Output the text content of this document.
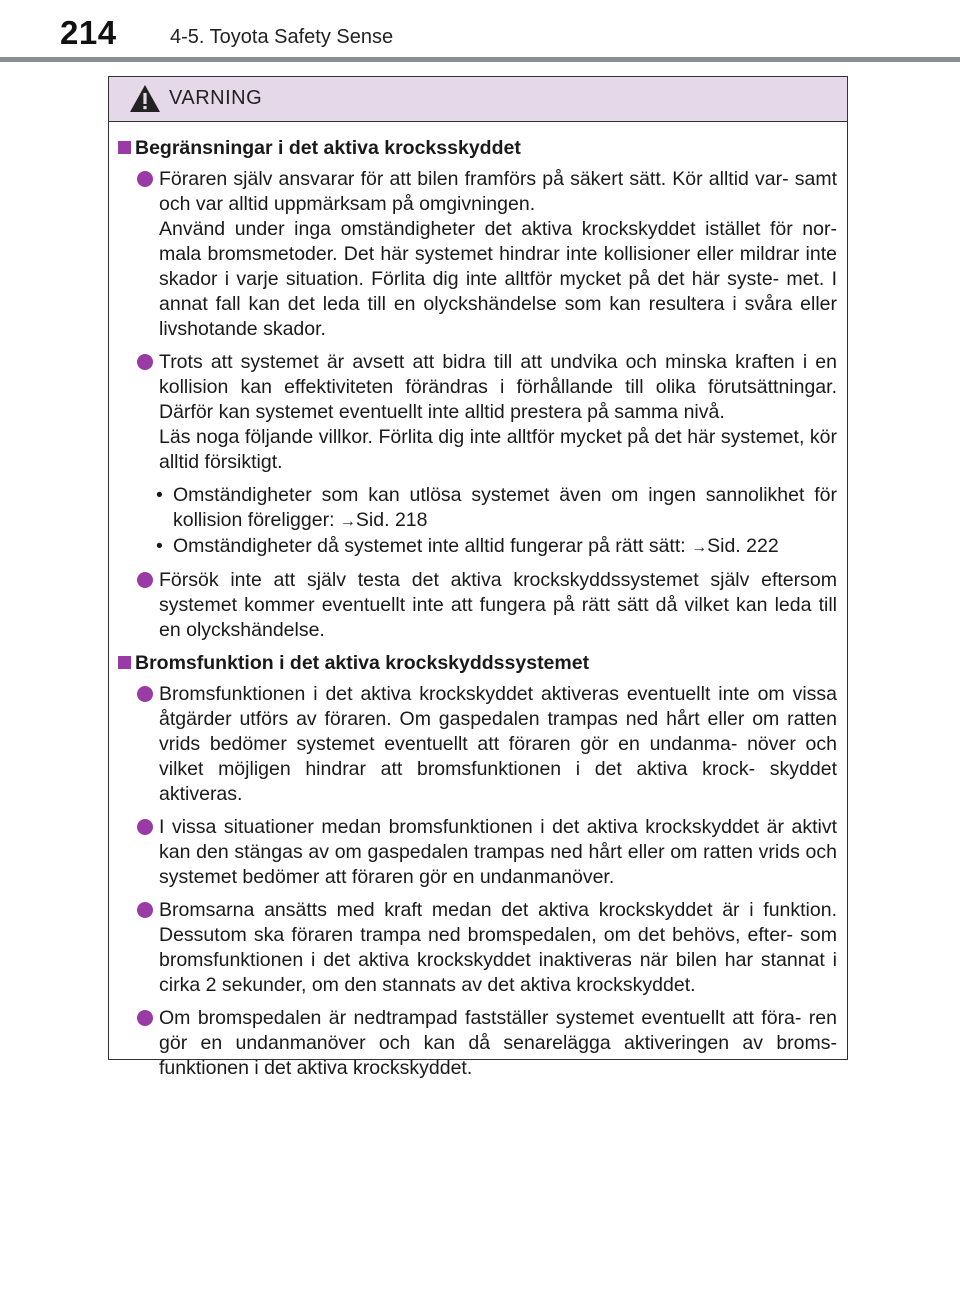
214	4-5. Toyota Safety Sense
VARNING
Begränsningar i det aktiva krocksskyddet

Föraren själv ansvarar för att bilen framförs på säkert sätt. Kör alltid var- samt och var alltid uppmärksam på omgivningen.

Använd under inga omständigheter det aktiva krockskyddet istället för nor- mala bromsmetoder. Det här systemet hindrar inte kollisioner eller mildrar inte skador i varje situation. Förlita dig inte alltför mycket på det här syste- met. I annat fall kan det leda till en olyckshändelse som kan resultera i svåra eller livshotande skador.

Trots att systemet är avsett att bidra till att undvika och minska kraften i en kollision kan effektiviteten förändras i förhållande till olika förutsättningar. Därför kan systemet eventuellt inte alltid prestera på samma nivå.

Läs noga följande villkor. Förlita dig inte alltför mycket på det här systemet, kör alltid försiktigt.

• Omständigheter som kan utlösa systemet även om ingen sannolikhet för kollision föreligger: →Sid. 218
• Omständigheter då systemet inte alltid fungerar på rätt sätt: →Sid. 222

Försök inte att själv testa det aktiva krockskyddssystemet själv eftersom systemet kommer eventuellt inte att fungera på rätt sätt då vilket kan leda till en olyckshändelse.

Bromsfunktion i det aktiva krockskyddssystemet

Bromsfunktionen i det aktiva krockskyddet aktiveras eventuellt inte om vissa åtgärder utförs av föraren. Om gaspedalen trampas ned hårt eller om ratten vrids bedömer systemet eventuellt att föraren gör en undanma- növer och vilket möjligen hindrar att bromsfunktionen i det aktiva krock- skyddet aktiveras.

I vissa situationer medan bromsfunktionen i det aktiva krockskyddet är aktivt kan den stängas av om gaspedalen trampas ned hårt eller om ratten vrids och systemet bedömer att föraren gör en undanmanöver.

Bromsarna ansätts med kraft medan det aktiva krockskyddet är i funktion. Dessutom ska föraren trampa ned bromspedalen, om det behövs, efter- som bromsfunktionen i det aktiva krockskyddet inaktiveras när bilen har stannat i cirka 2 sekunder, om den stannats av det aktiva krockskyddet.

Om bromspedalen är nedtrampad fastställer systemet eventuellt att föra- ren gör en undanmanöver och kan då senarelägga aktiveringen av broms- funktionen i det aktiva krockskyddet.
